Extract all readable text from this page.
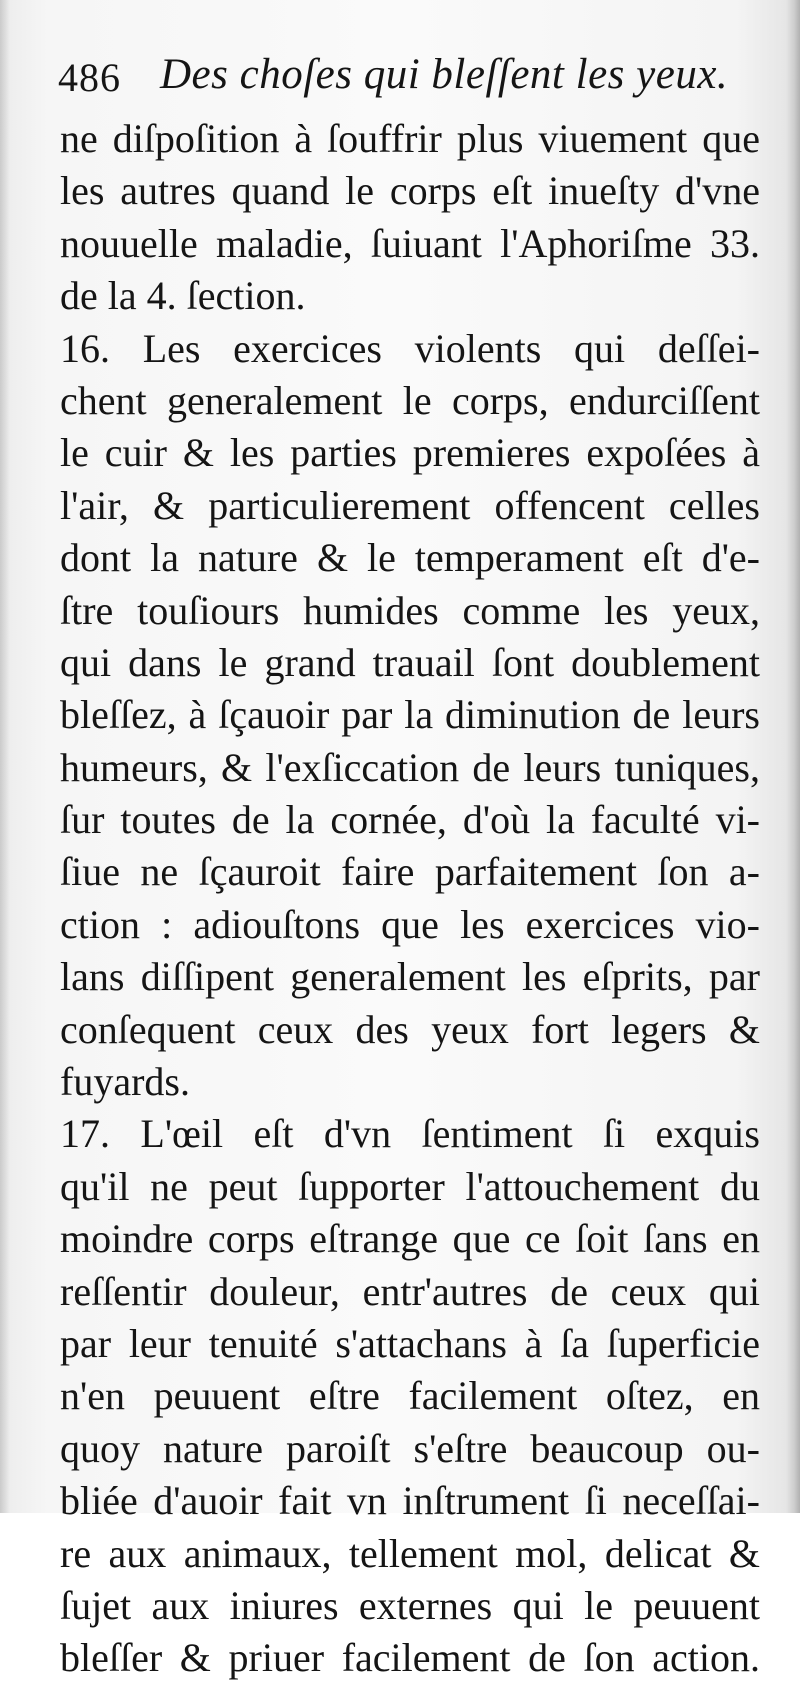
486 Des choſes qui bleſſent les yeux.
ne diſpoſition à ſouffrir plus viuement que
les autres quand le corps eſt inueſty d'vne
nouuelle maladie, ſuiuant l'Aphoriſme 33.
de la 4. ſection.
16. Les exercices violents qui deſſei-
chent generalement le corps, endurciſſent
le cuir & les parties premieres expoſées à
l'air, & particulierement offencent celles
dont la nature & le temperament eſt d'e-
ſtre touſiours humides comme les yeux,
qui dans le grand trauail ſont doublement
bleſſez, à ſçauoir par la diminution de leurs
humeurs, & l'exſiccation de leurs tuniques,
ſur toutes de la cornée, d'où la faculté vi-
ſiue ne ſçauroit faire parfaitement ſon a-
ction : adiouſtons que les exercices vio-
lans diſſipent generalement les eſprits, par
conſequent ceux des yeux fort legers &
fuyards.
17. L'œil eſt d'vn ſentiment ſi exquis
qu'il ne peut ſupporter l'attouchement du
moindre corps eſtrange que ce ſoit ſans en
reſſentir douleur, entr'autres de ceux qui
par leur tenuité s'attachans à ſa ſuperficie
n'en peuuent eſtre facilement oſtez, en
quoy nature paroiſt s'eſtre beaucoup ou-
bliée d'auoir fait vn inſtrument ſi neceſſai-
re aux animaux, tellement mol, delicat &
ſujet aux iniures externes qui le peuuent
bleſſer & priuer facilement de ſon action.
